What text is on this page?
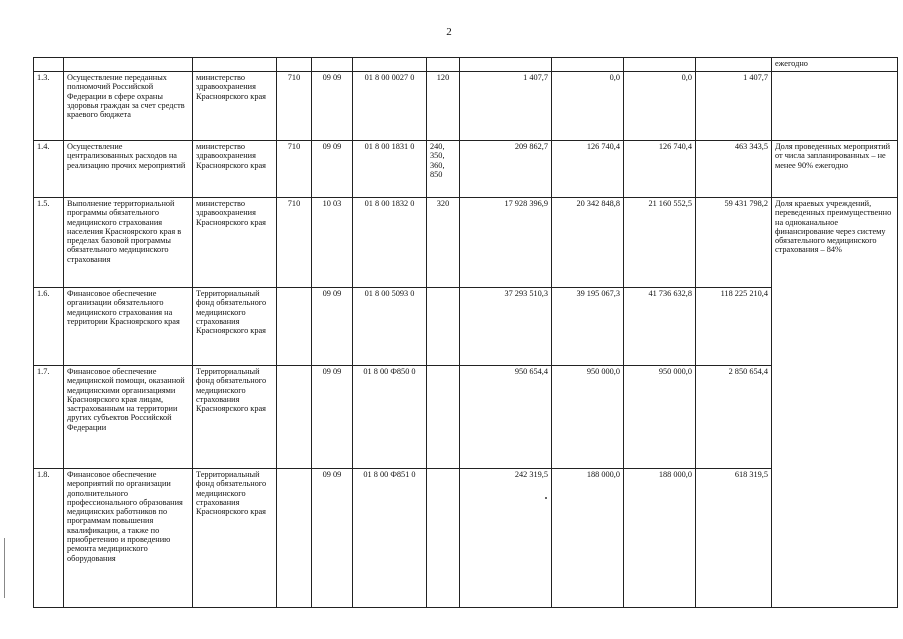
2
											ежегодно
1.3.	Осуществление переданных полномочий Российской Федерации в сфере охраны здоровья граждан за счет средств краевого бюджета	министерство здравоохранения Красноярского края	710	09 09	01 8 00 0027 0	120	1 407,7	0,0	0,0	1 407,7	
1.4.	Осуществление централизованных расходов на реализацию прочих мероприятий	министерство здравоохранения Красноярского края	710	09 09	01 8 00 1831 0	240, 350, 360, 850	209 862,7	126 740,4	126 740,4	463 343,5	Доля проведенных мероприятий от числа запланированных – не менее 90% ежегодно
1.5.	Выполнение территориальной программы обязательного медицинского страхования населения Красноярского края в пределах базовой программы обязательного медицинского страхования	министерство здравоохранения Красноярского края	710	10 03	01 8 00 1832 0	320	17 928 396,9	20 342 848,8	21 160 552,5	59 431 798,2	Доля краевых учреждений, переведенных преимущественно на одноканальное финансирование через систему обязательного медицинского страхования – 84%
1.6.	Финансовое обеспечение организации обязательного медицинского страхования на территории Красноярского края	Территориальный фонд обязательного медицинского страхования Красноярского края		09 09	01 8 00 5093 0		37 293 510,3	39 195 067,3	41 736 632,8	118 225 210,4	
1.7.	Финансовое обеспечение медицинской помощи, оказанной медицинскими организациями Красноярского края лицам, застрахованным на территории других субъектов Российской Федерации	Территориальный фонд обязательного медицинского страхования Красноярского края		09 09	01 8 00 Ф850 0		950 654,4	950 000,0	950 000,0	2 850 654,4	
1.8.	Финансовое обеспечение мероприятий по организации дополнительного профессионального образования медицинских работников по программам повышения квалификации, а также по приобретению и проведению ремонта медицинского оборудования	Территориальный фонд обязательного медицинского страхования Красноярского края		09 09	01 8 00 Ф851 0		242 319,5	188 000,0	188 000,0	618 319,5	
